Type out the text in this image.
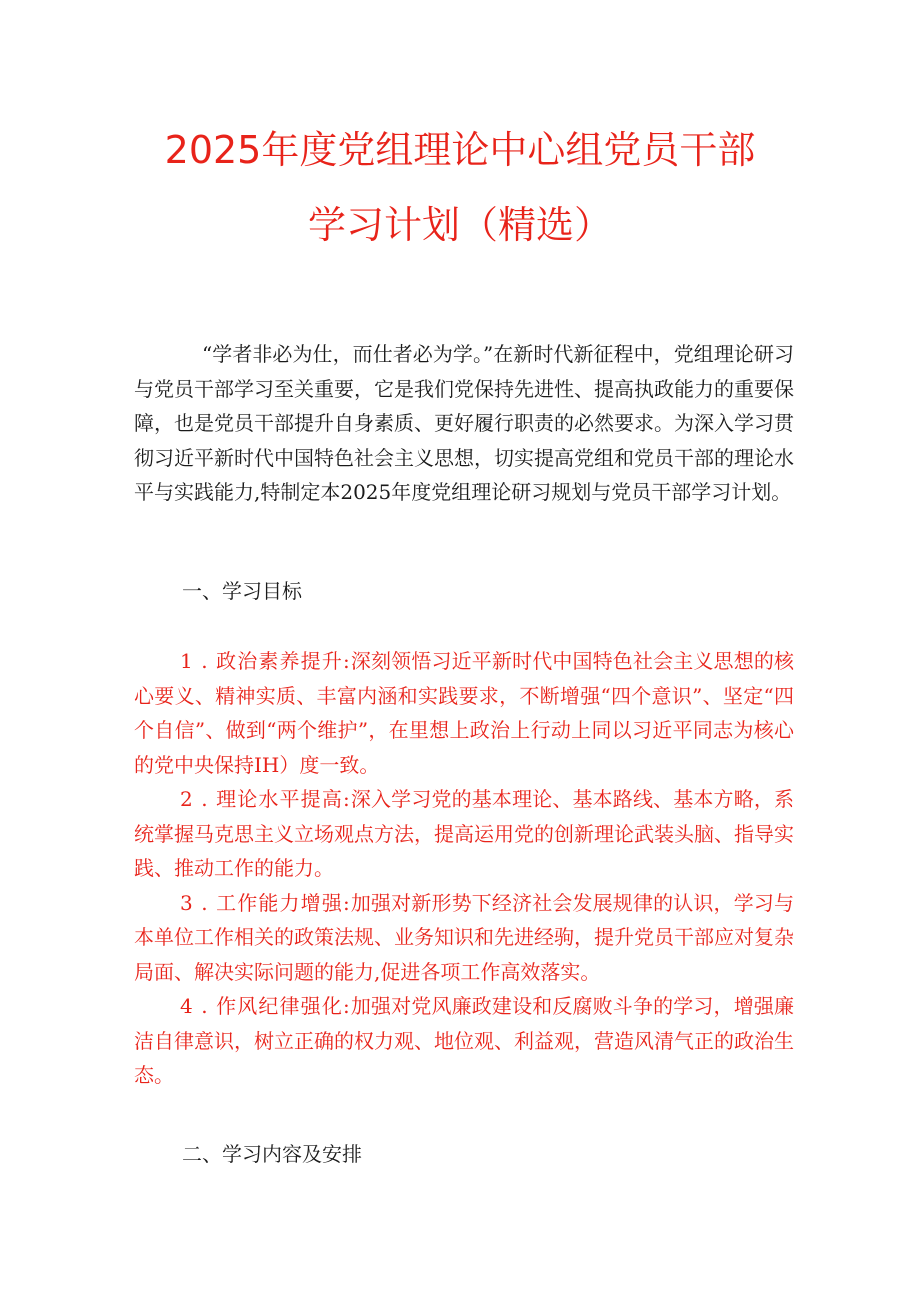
2025年度党组理论中心组党员干部
学习计划（精选）

“学者非必为仕，而仕者必为学。”在新时代新征程中，党组理论研习与党员干部学习至关重要，它是我们党保持先进性、提高执政能力的重要保障，也是党员干部提升自身素质、更好履行职责的必然要求。为深入学习贯彻习近平新时代中国特色社会主义思想，切实提高党组和党员干部的理论水平与实践能力,特制定本2025年度党组理论研习规划与党员干部学习计划。

一、学习目标

1 . 政治素养提升:深刻领悟习近平新时代中国特色社会主义思想的核心要义、精神实质、丰富内涵和实践要求，不断增强“四个意识”、坚定“四个自信”、做到“两个维护”，在里想上政治上行动上同以习近平同志为核心的党中央保持IH）度一致。

2 . 理论水平提高:深入学习党的基本理论、基本路线、基本方略，系统掌握马克思主义立场观点方法，提高运用党的创新理论武装头脑、指导实践、推动工作的能力。

3 . 工作能力增强:加强对新形势下经济社会发展规律的认识，学习与本单位工作相关的政策法规、业务知识和先进经驹，提升党员干部应对复杂局面、解决实际问题的能力,促进各项工作高效落实。

4 . 作风纪律强化:加强对党风廉政建设和反腐败斗争的学习，增强廉洁自律意识，树立正确的权力观、地位观、利益观，营造风清气正的政治生态。

二、学习内容及安排
